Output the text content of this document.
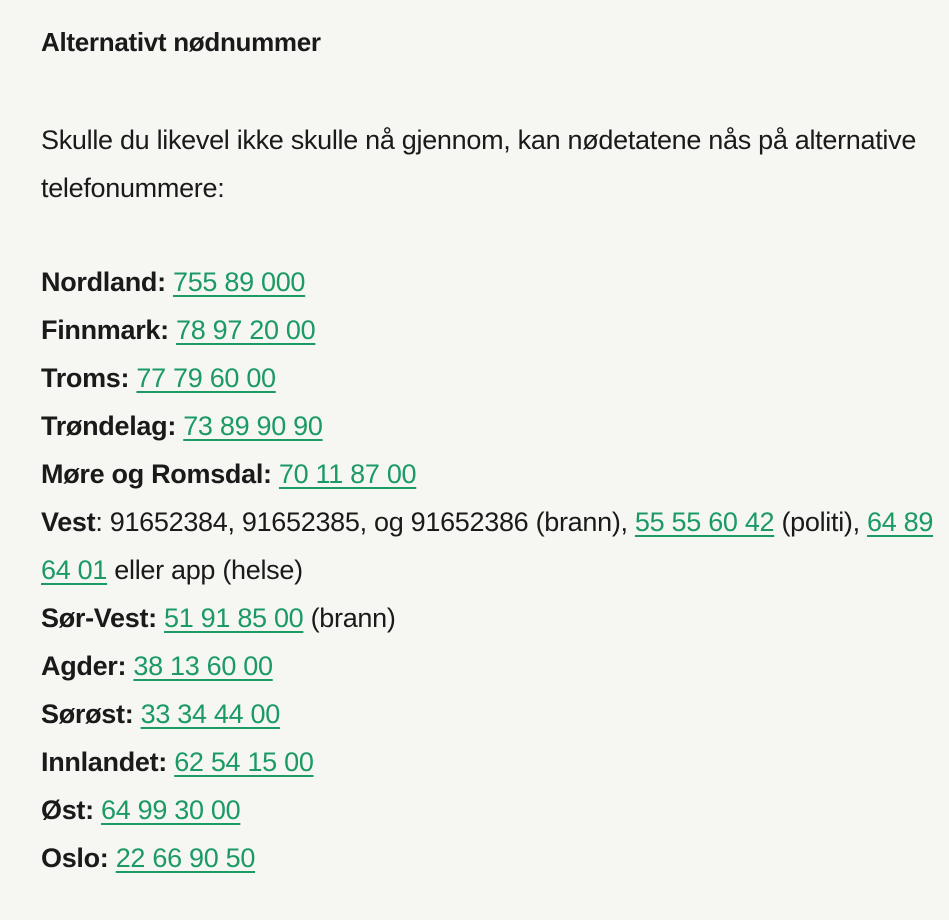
Alternativt nødnummer

Skulle du likevel ikke skulle nå gjennom, kan nødetatene nås på alternative telefonummere:

Nordland: 755 89 000
Finnmark: 78 97 20 00
Troms: 77 79 60 00
Trøndelag: 73 89 90 90
Møre og Romsdal: 70 11 87 00
Vest: 91652384, 91652385, og 91652386 (brann), 55 55 60 42 (politi), 64 89 64 01 eller app (helse)
Sør-Vest: 51 91 85 00 (brann)
Agder: 38 13 60 00
Sørøst: 33 34 44 00
Innlandet: 62 54 15 00
Øst: 64 99 30 00
Oslo: 22 66 90 50
